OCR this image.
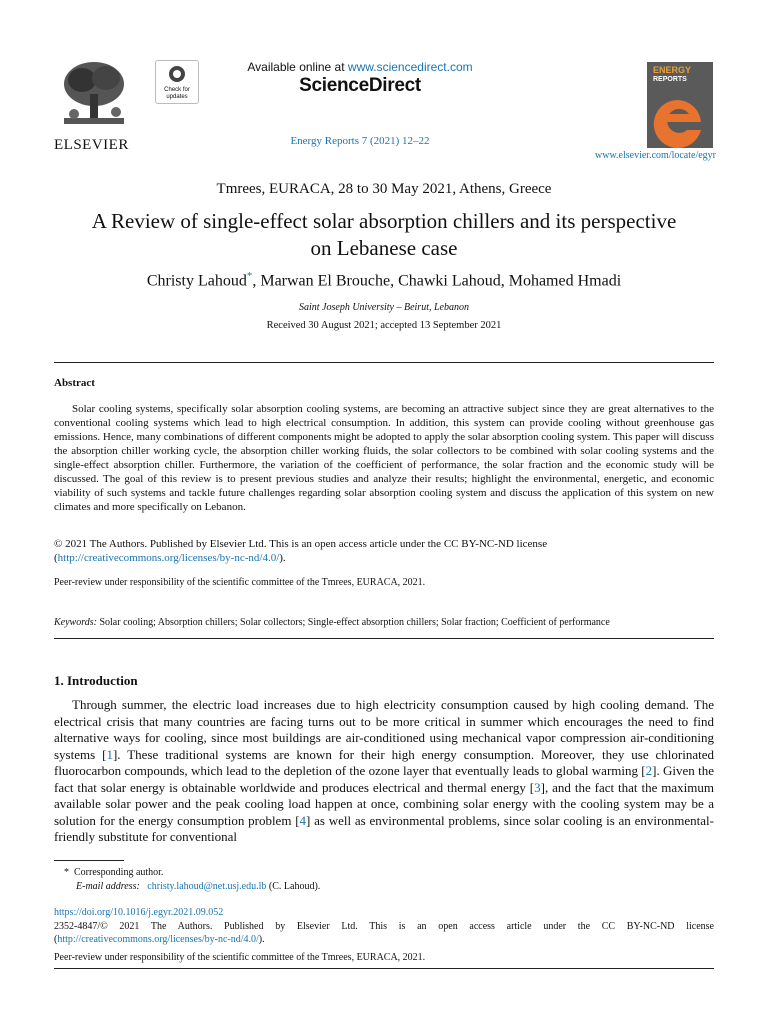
ELSEVIER
Check for
updates
Available online at www.sciencedirect.com
ScienceDirect
Energy Reports 7 (2021) 12–22
ENERGY
REPORTS
www.elsevier.com/locate/egyr
Tmrees, EURACA, 28 to 30 May 2021, Athens, Greece
A Review of single-effect solar absorption chillers and its perspective
on Lebanese case
Christy Lahoud*, Marwan El Brouche, Chawki Lahoud, Mohamed Hmadi
Saint Joseph University – Beirut, Lebanon
Received 30 August 2021; accepted 13 September 2021
Abstract
Solar cooling systems, specifically solar absorption cooling systems, are becoming an attractive subject since they are great alternatives to the conventional cooling systems which lead to high electrical consumption. In addition, this system can provide cooling without greenhouse gas emissions. Hence, many combinations of different components might be adopted to apply the solar absorption cooling system. This paper will discuss the absorption chiller working cycle, the absorption chiller working fluids, the solar collectors to be combined with solar cooling systems and the single-effect absorption chiller. Furthermore, the variation of the coefficient of performance, the solar fraction and the economic study will be discussed. The goal of this review is to present previous studies and analyze their results; highlight the environmental, energetic, and economic viability of such systems and tackle future challenges regarding solar absorption cooling system and discuss the application of this system on new climates and more specifically on Lebanon.
© 2021 The Authors. Published by Elsevier Ltd. This is an open access article under the CC BY-NC-ND license
(http://creativecommons.org/licenses/by-nc-nd/4.0/).
Peer-review under responsibility of the scientific committee of the Tmrees, EURACA, 2021.
Keywords: Solar cooling; Absorption chillers; Solar collectors; Single-effect absorption chillers; Solar fraction; Coefficient of performance
1. Introduction
Through summer, the electric load increases due to high electricity consumption caused by high cooling demand. The electrical crisis that many countries are facing turns out to be more critical in summer which encourages the need to find alternative ways for cooling, since most buildings are air-conditioned using mechanical vapor compression air-conditioning systems [1]. These traditional systems are known for their high energy consumption. Moreover, they use chlorinated fluorocarbon compounds, which lead to the depletion of the ozone layer that eventually leads to global warming [2]. Given the fact that solar energy is obtainable worldwide and produces electrical and thermal energy [3], and the fact that the maximum available solar power and the peak cooling load happen at once, combining solar energy with the cooling system may be a solution for the energy consumption problem [4] as well as environmental problems, since solar cooling is an environmental-friendly substitute for conventional
* Corresponding author.
E-mail address: christy.lahoud@net.usj.edu.lb (C. Lahoud).
https://doi.org/10.1016/j.egyr.2021.09.052
2352-4847/© 2021 The Authors. Published by Elsevier Ltd. This is an open access article under the CC BY-NC-ND license (http://creativecommons.org/licenses/by-nc-nd/4.0/).
Peer-review under responsibility of the scientific committee of the Tmrees, EURACA, 2021.
